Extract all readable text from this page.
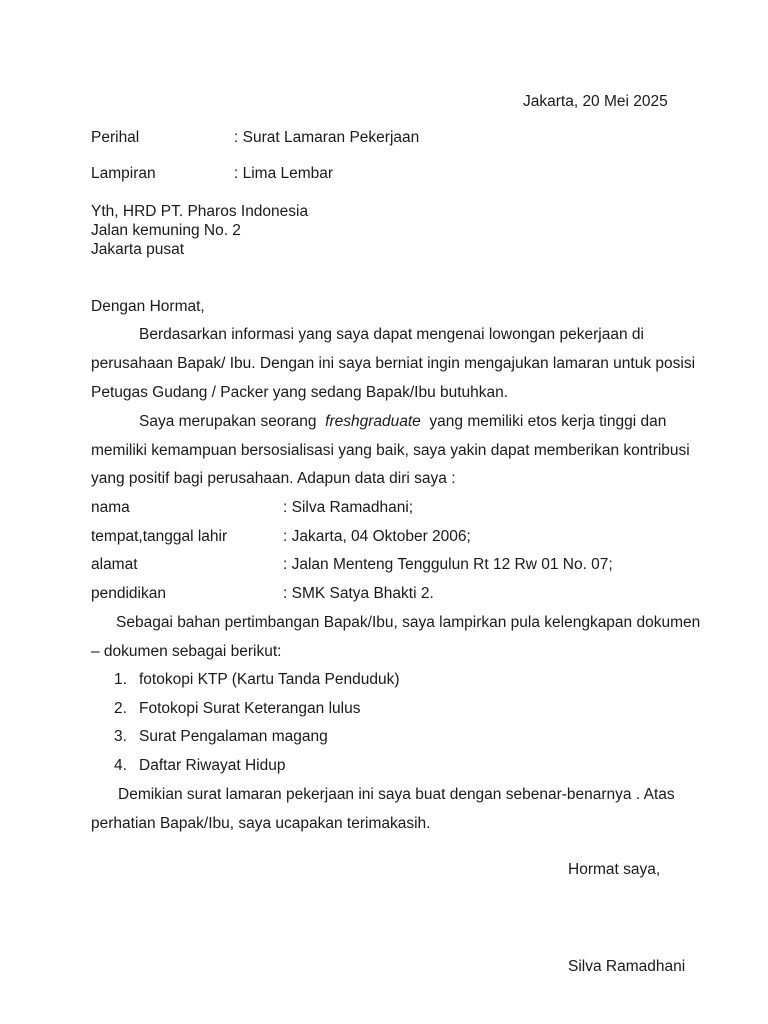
Jakarta, 20 Mei 2025
Perihal	: Surat Lamaran Pekerjaan
Lampiran	: Lima Lembar
Yth, HRD PT. Pharos Indonesia
Jalan kemuning No. 2
Jakarta pusat
Dengan Hormat,
Berdasarkan informasi yang saya dapat mengenai lowongan pekerjaan di
perusahaan Bapak/ Ibu. Dengan ini saya berniat ingin mengajukan lamaran untuk posisi
Petugas Gudang / Packer yang sedang Bapak/Ibu butuhkan.
Saya merupakan seorang freshgraduate yang memiliki etos kerja tinggi dan
memiliki kemampuan bersosialisasi yang baik, saya yakin dapat memberikan kontribusi
yang positif bagi perusahaan. Adapun data diri saya :
nama	: Silva Ramadhani;
tempat,tanggal lahir	: Jakarta, 04 Oktober 2006;
alamat	: Jalan Menteng Tenggulun Rt 12 Rw 01 No. 07;
pendidikan	: SMK Satya Bhakti 2.
Sebagai bahan pertimbangan Bapak/Ibu, saya lampirkan pula kelengkapan dokumen
– dokumen sebagai berikut:
1. fotokopi KTP (Kartu Tanda Penduduk)
2. Fotokopi Surat Keterangan lulus
3. Surat Pengalaman magang
4. Daftar Riwayat Hidup
Demikian surat lamaran pekerjaan ini saya buat dengan sebenar-benarnya . Atas
perhatian Bapak/Ibu, saya ucapakan terimakasih.
Hormat saya,
Silva Ramadhani
